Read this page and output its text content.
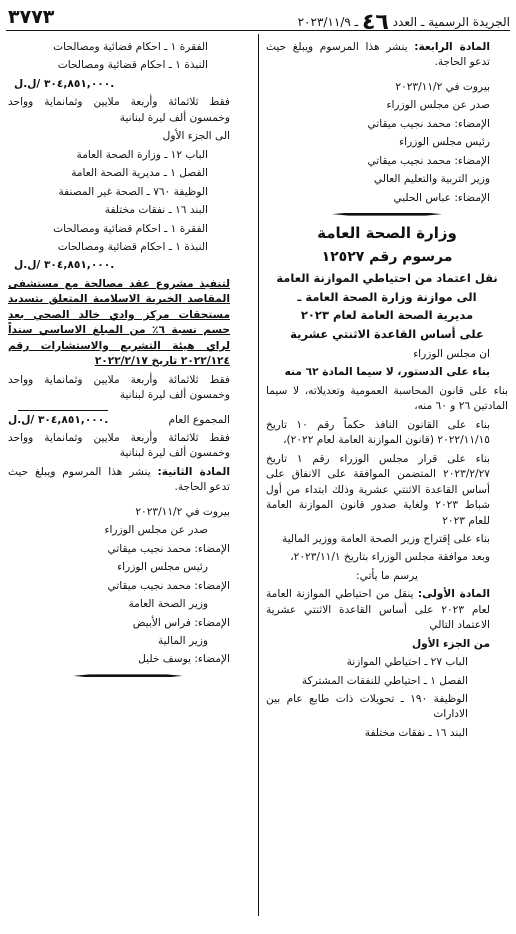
الجريدة الرسمية ـ العدد ٤٦ ـ ٢٠٢٣/١١/٩
٣٧٧٣

المادة الرابعة: ينشر هذا المرسوم ويبلغ حيث تدعو الحاجة.

بيروت في ٢٠٢٣/١١/٢

صدر عن مجلس الوزراء

الإمضاء: محمد نجيب ميقاتي

رئيس مجلس الوزراء

الإمضاء: محمد نجيب ميقاتي

وزير التربية والتعليم العالي

الإمضاء: عباس الحلبي

وزارة الصحة العامة
مرسوم رقم ١٢٥٢٧
نقل اعتماد من احتياطي الموازنة العامة
الى موازنة وزارة الصحة العامة ـ
مديرية الصحة العامة لعام ٢٠٢٣
على أساس القاعدة الاثنتي عشرية

ان مجلس الوزراء

بناء على الدستور، لا سيما المادة ٦٢ منه

بناء على قانون المحاسبة العمومية وتعديلاته، لا سيما المادتين ٢٦ و ٦٠ منه،

بناء على القانون النافذ حكماً رقم ١٠ تاريخ ٢٠٢٢/١١/١٥ (قانون الموازنة العامة لعام ٢٠٢٢)،

بناء على قرار مجلس الوزراء رقم ١ تاريخ ٢٠٢٣/٢/٢٧ المتضمن الموافقة على الانفاق على أساس القاعدة الاثنتي عشرية وذلك ابتداء من أول شباط ٢٠٢٣ ولغاية صدور قانون الموازنة العامة للعام ٢٠٢٣

بناء على إقتراح وزير الصحة العامة ووزير المالية

وبعد موافقة مجلس الوزراء بتاريخ ٢٠٢٣/١١/١،

يرسم ما يأتي:

المادة الأولى: ينقل من احتياطي الموازنة العامة لعام ٢٠٢٣ على أساس القاعدة الاثنتي عشرية الاعتماد التالي

من الجزء الأول

الباب ٢٧ ـ احتياطي الموازنة

الفصل ١ ـ احتياطي للنفقات المشتركة

الوظيفة ١٩٠ ـ تحويلات ذات طابع عام بين الادارات

البند ١٦ ـ نفقات مختلفة

الفقرة ١ ـ احكام قضائية ومصالحات

النبذة ١ ـ احكام قضائية ومصالحات

٣٠٤,٨٥١,٠٠٠ /ل.ل.

فقط ثلاثمائة وأربعة ملايين وثمانماية وواحد وخمسون ألف ليرة لبنانية

الى الجزء الأول

الباب ١٢ ـ وزارة الصحة العامة

الفصل ١ ـ مديرية الصحة العامة

الوظيفة ٧٦٠ ـ الصحة غير المصنفة

البند ١٦ ـ نفقات مختلفة

الفقرة ١ ـ احكام قضائية ومصالحات

النبذة ١ ـ احكام قضائية ومصالحات

٣٠٤,٨٥١,٠٠٠ /ل.ل.

لتنفيذ مشروع عقد مصالحة مع مستشفى المقاصد الخيرية الاسلامية المتعلق بتسديد مستحقات مركز وادي خالد الصحي بعد حسم نسبة ٦٪ من المبلغ الاساسي سنداً لراي هيئة التشريع والاستشارات رقم ٢٠٢٢/١٢٤ تاريخ ٢٠٢٢/٢/١٧

فقط ثلاثمائة وأربعة ملايين وثمانماية وواحد وخمسون ألف ليرة لبنانية

المجموع العام
٣٠٤,٨٥١,٠٠٠ /ل.ل.

فقط ثلاثمائة وأربعة ملايين وثمانماية وواحد وخمسون ألف ليرة لبنانية

المادة الثانية: ينشر هذا المرسوم ويبلغ حيث تدعو الحاجة.

بيروت في ٢٠٢٣/١١/٢

صدر عن مجلس الوزراء

الإمضاء: محمد نجيب ميقاتي

رئيس مجلس الوزراء

الإمضاء: محمد نجيب ميقاتي

وزير الصحة العامة

الإمضاء: فراس الأبيض

وزير المالية

الإمضاء: يوسف خليل
